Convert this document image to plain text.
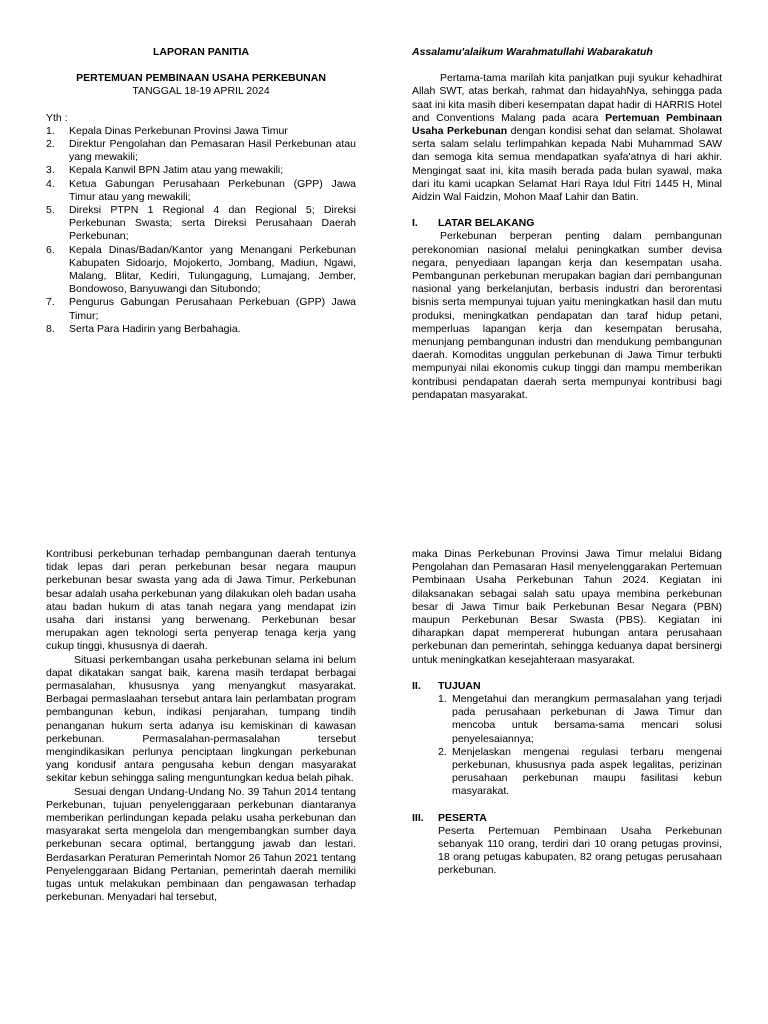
LAPORAN PANITIA

PERTEMUAN PEMBINAAN USAHA PERKEBUNAN

TANGGAL 18-19 APRIL 2024

Yth :

1.	Kepala Dinas Perkebunan Provinsi Jawa Timur
2.	Direktur Pengolahan dan Pemasaran Hasil Perkebunan atau yang mewakili;
3.	Kepala Kanwil BPN Jatim atau yang mewakili;
4.	Ketua Gabungan Perusahaan Perkebunan (GPP) Jawa Timur atau yang mewakili;
5.	Direksi PTPN 1 Regional 4 dan Regional 5; Direksi Perkebunan Swasta; serta Direksi Perusahaan Daerah Perkebunan;
6.	Kepala Dinas/Badan/Kantor yang Menangani Perkebunan Kabupaten Sidoarjo, Mojokerto, Jombang, Madiun, Ngawi, Malang, Blitar, Kediri, Tulungagung, Lumajang, Jember, Bondowoso, Banyuwangi dan Situbondo;
7.	Pengurus Gabungan Perusahaan Perkebuan (GPP) Jawa Timur;
8.	Serta Para Hadirin yang Berbahagia.

Assalamu'alaikum Warahmatullahi Wabarakatuh

Pertama-tama marilah kita panjatkan puji syukur kehadhirat Allah SWT, atas berkah, rahmat dan hidayahNya, sehingga pada saat ini kita masih diberi kesempatan dapat hadir di HARRIS Hotel and Conventions Malang pada acara Pertemuan Pembinaan Usaha Perkebunan dengan kondisi sehat dan selamat. Sholawat serta salam selalu terlimpahkan kepada Nabi Muhammad SAW dan semoga kita semua mendapatkan syafa'atnya di hari akhir. Mengingat saat ini, kita masih berada pada bulan syawal, maka dari itu kami ucapkan Selamat Hari Raya Idul Fitri 1445 H, Minal Aidzin Wal Faidzin, Mohon Maaf Lahir dan Batin.

I.	LATAR BELAKANG

Perkebunan berperan penting dalam pembangunan perekonomian nasional melalui peningkatkan sumber devisa negara, penyediaan lapangan kerja dan kesempatan usaha. Pembangunan perkebunan merupakan bagian dari pembangunan nasional yang berkelanjutan, berbasis industri dan berorentasi bisnis serta mempunyai tujuan yaitu meningkatkan hasil dan mutu produksi, meningkatkan pendapatan dan taraf hidup petani, memperluas lapangan kerja dan kesempatan berusaha, menunjang pembangunan industri dan mendukung pembangunan daerah. Komoditas unggulan perkebunan di Jawa Timur terbukti mempunyai nilai ekonomis cukup tinggi dan mampu memberikan kontribusi pendapatan daerah serta mempunyai kontribusi bagi pendapatan masyarakat.

Kontribusi perkebunan terhadap pembangunan daerah tentunya tidak lepas dari peran perkebunan besar negara maupun perkebunan besar swasta yang ada di Jawa Timur. Perkebunan besar adalah usaha perkebunan yang dilakukan oleh badan usaha atau badan hukum di atas tanah negara yang mendapat izin usaha dari instansi yang berwenang. Perkebunan besar merupakan agen teknologi serta penyerap tenaga kerja yang cukup tinggi, khususnya di daerah.

Situasi perkembangan usaha perkebunan selama ini belum dapat dikatakan sangat baik, karena masih terdapat berbagai permasalahan, khususnya yang menyangkut masyarakat. Berbagai permaslaahan tersebut antara lain perlambatan program pembangunan kebun, indikasi penjarahan, tumpang tindih penanganan hukum serta adanya isu kemiskinan di kawasan perkebunan. Permasalahan-permasalahan tersebut mengindikasikan perlunya penciptaan lingkungan perkebunan yang kondusif antara pengusaha kebun dengan masyarakat sekitar kebun sehingga saling menguntungkan kedua belah pihak.

Sesuai dengan Undang-Undang No. 39 Tahun 2014 tentang Perkebunan, tujuan penyelenggaraan perkebunan diantaranya memberikan perlindungan kepada pelaku usaha perkebunan dan masyarakat serta mengelola dan mengembangkan sumber daya perkebunan secara optimal, bertanggung jawab dan lestari. Berdasarkan Peraturan Pemerintah Nomor 26 Tahun 2021 tentang Penyelenggaraan Bidang Pertanian, pemerintah daerah memiliki tugas untuk melakukan pembinaan dan pengawasan terhadap perkebunan. Menyadari hal tersebut,

maka Dinas Perkebunan Provinsi Jawa Timur melalui Bidang Pengolahan dan Pemasaran Hasil menyelenggarakan Pertemuan Pembinaan Usaha Perkebunan Tahun 2024. Kegiatan ini dilaksanakan sebagai salah satu upaya membina perkebunan besar di Jawa Timur baik Perkebunan Besar Negara (PBN) maupun Perkebunan Besar Swasta (PBS). Kegiatan ini diharapkan dapat mempererat hubungan antara perusahaan perkebunan dan pemerintah, sehingga keduanya dapat bersinergi untuk meningkatkan kesejahteraan masyarakat.

II.	TUJUAN
1. Mengetahui dan merangkum permasalahan yang terjadi pada perusahaan perkebunan di Jawa Timur dan mencoba untuk bersama-sama mencari solusi penyelesaiannya;
2. Menjelaskan mengenai regulasi terbaru mengenai perkebunan, khususnya pada aspek legalitas, perizinan perusahaan perkebunan maupu fasilitasi kebun masyarakat.
III.	PESERTA

Peserta Pertemuan Pembinaan Usaha Perkebunan sebanyak 110 orang, terdiri dari 10 orang petugas provinsi, 18 orang petugas kabupaten, 82 orang petugas perusahaan perkebunan.
